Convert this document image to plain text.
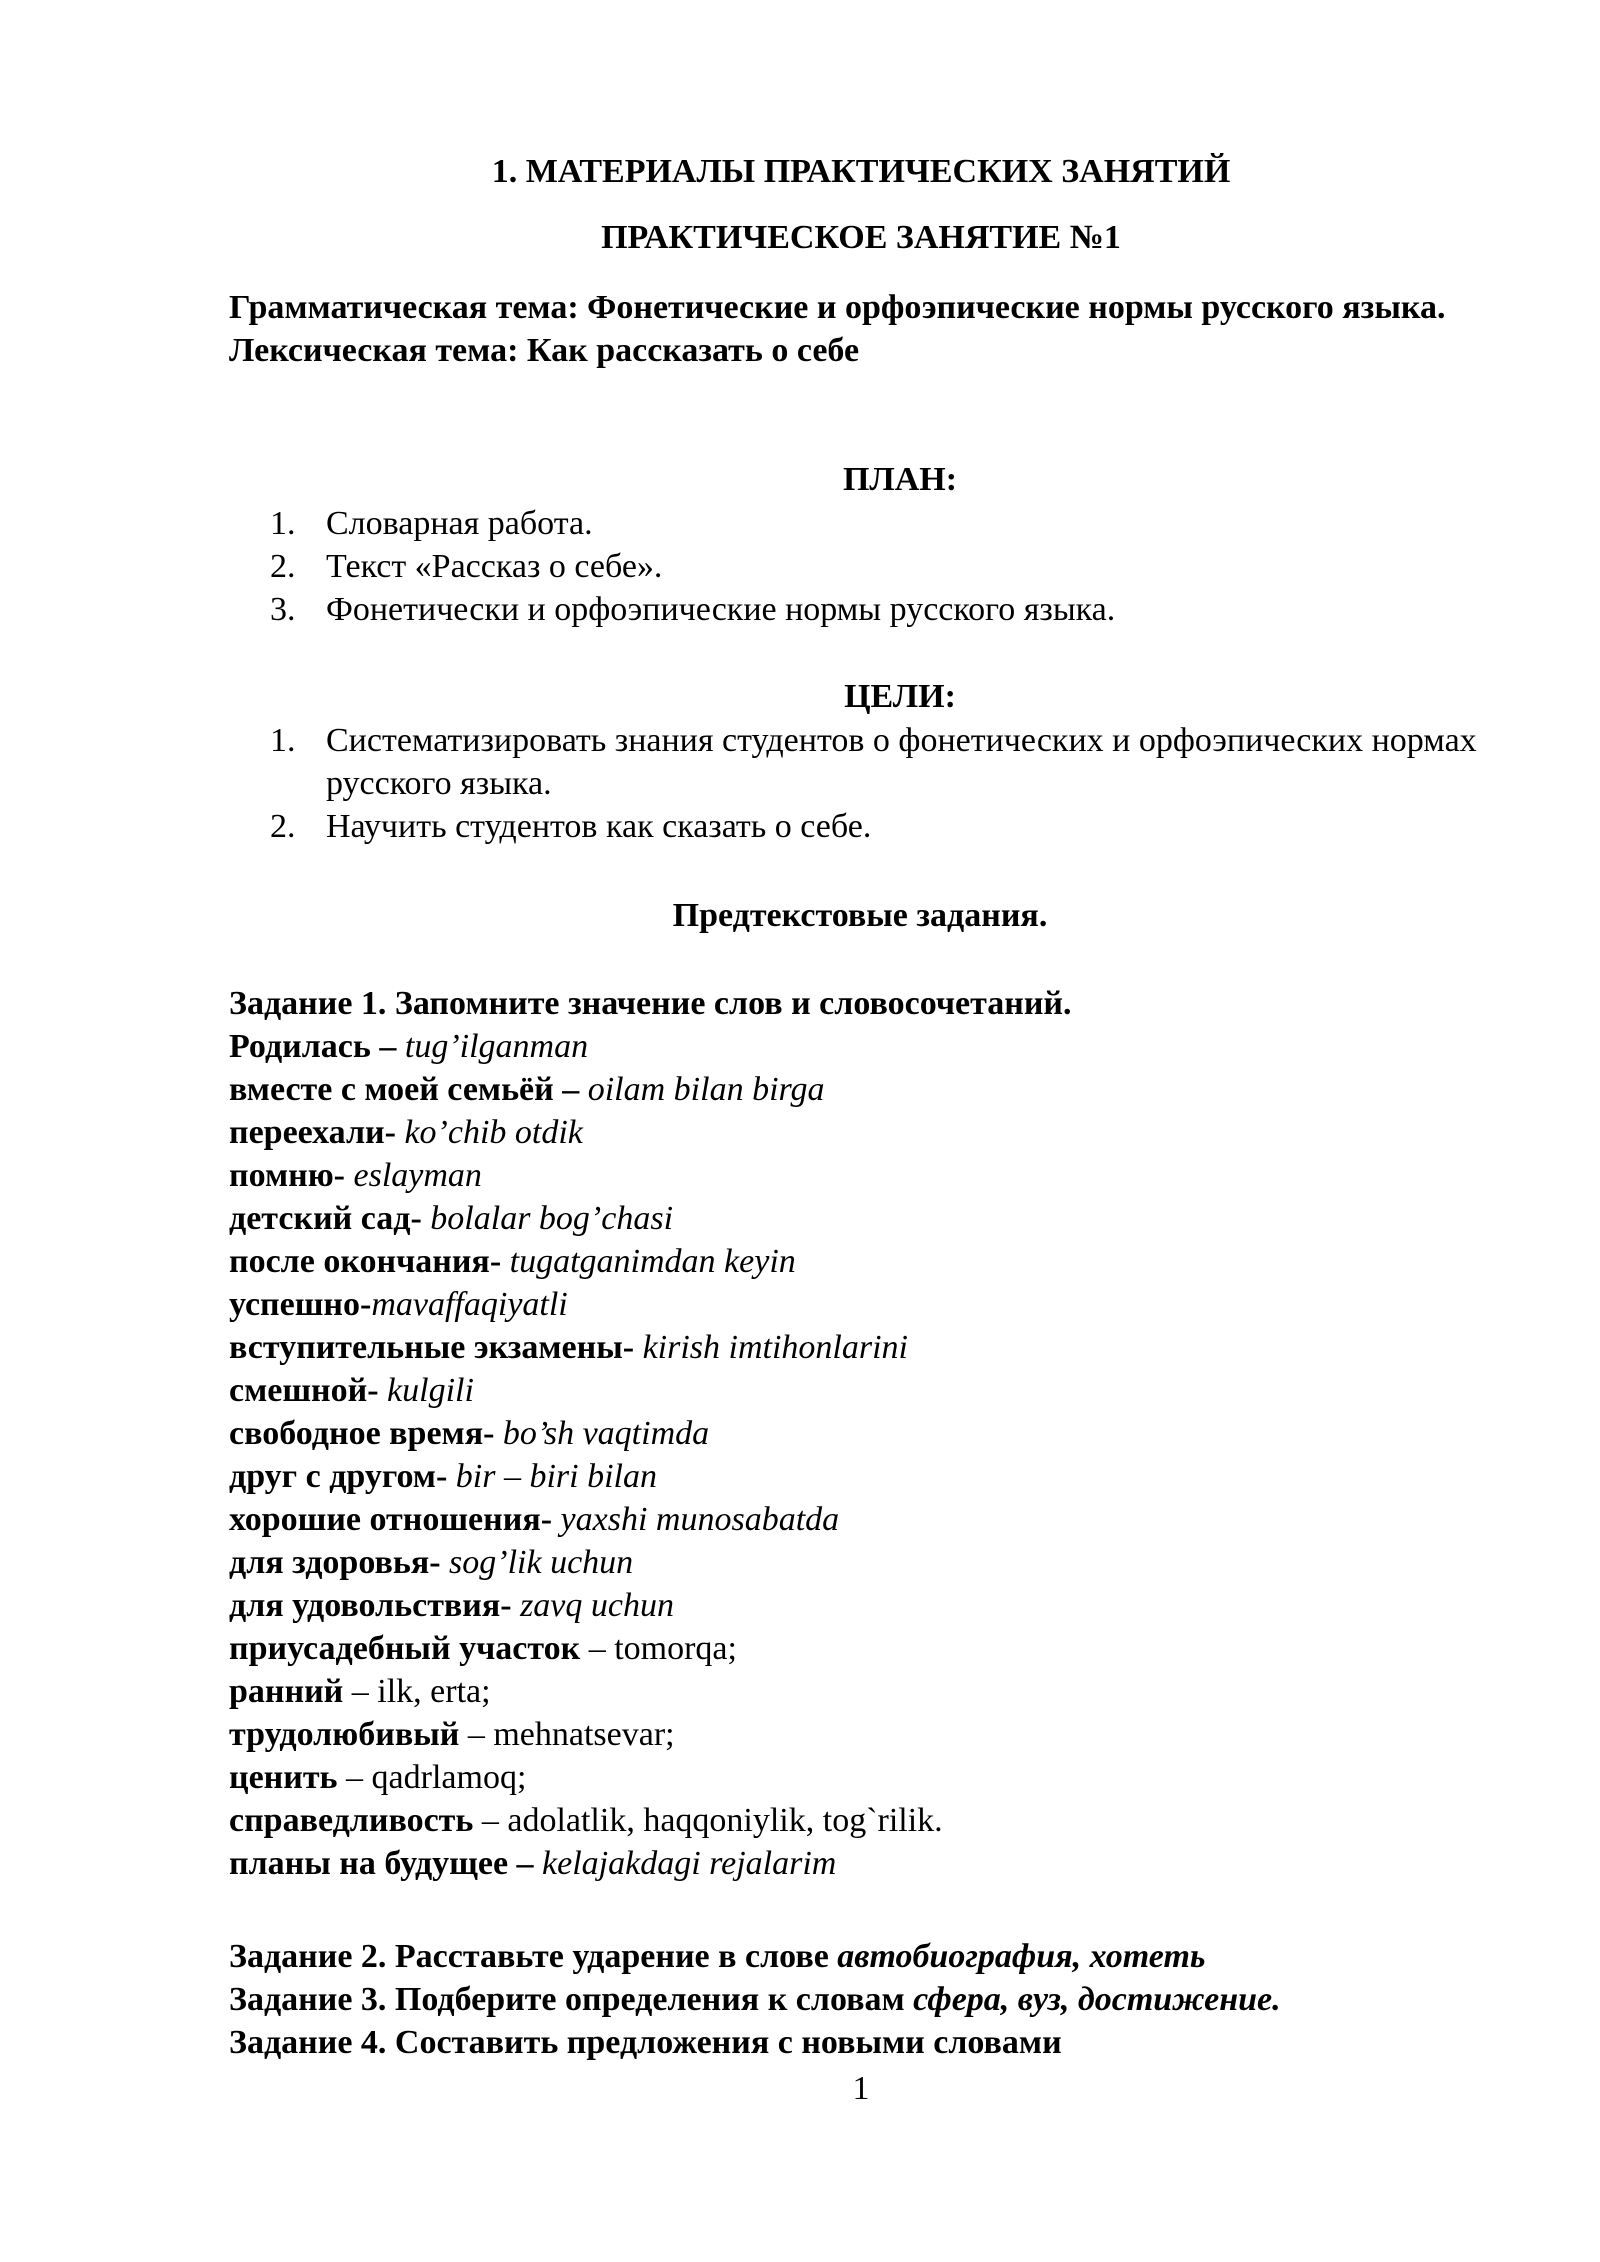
1. МАТЕРИАЛЫ ПРАКТИЧЕСКИХ ЗАНЯТИЙ
ПРАКТИЧЕСКОЕ ЗАНЯТИЕ №1
Грамматическая тема: Фонетические и орфоэпические нормы русского языка.
Лексическая тема: Как рассказать о себе
ПЛАН:
1. Словарная работа.
2. Текст «Рассказ о себе».
3. Фонетически и орфоэпические нормы русского языка.
ЦЕЛИ:
1. Систематизировать знания студентов о фонетических и орфоэпических нормах русского языка.
2. Научить студентов как сказать о себе.
Предтекстовые задания.
Задание 1. Запомните значение слов и словосочетаний.
Родилась – tug’ilganman
вместе с моей семьёй – oilam bilan birga
переехали- ko’chib otdik
помню- eslayman
детский сад- bolalar bog’chasi
после окончания- tugatganimdan keyin
успешно-mavaffaqiyatli
вступительные экзамены- kirish imtihonlarini
смешной- kulgili
свободное время- bo’sh vaqtimda
друг с другом- bir – biri bilan
хорошие отношения- yaxshi munosabatda
для здоровья- sog’lik uchun
для удовольствия- zavq uchun
приусадебный участок – tomorqa;
ранний – ilk, erta;
трудолюбивый – mehnatsevar;
ценить – qadrlamoq;
справедливость – adolatlik, haqqoniylik, tog`rilik.
планы на будущее – kelajakdagi rejalarim
Задание 2. Расставьте ударение в слове автобиография, хотеть
Задание 3. Подберите определения к словам сфера, вуз, достижение.
Задание 4. Составить предложения с новыми словами
1
